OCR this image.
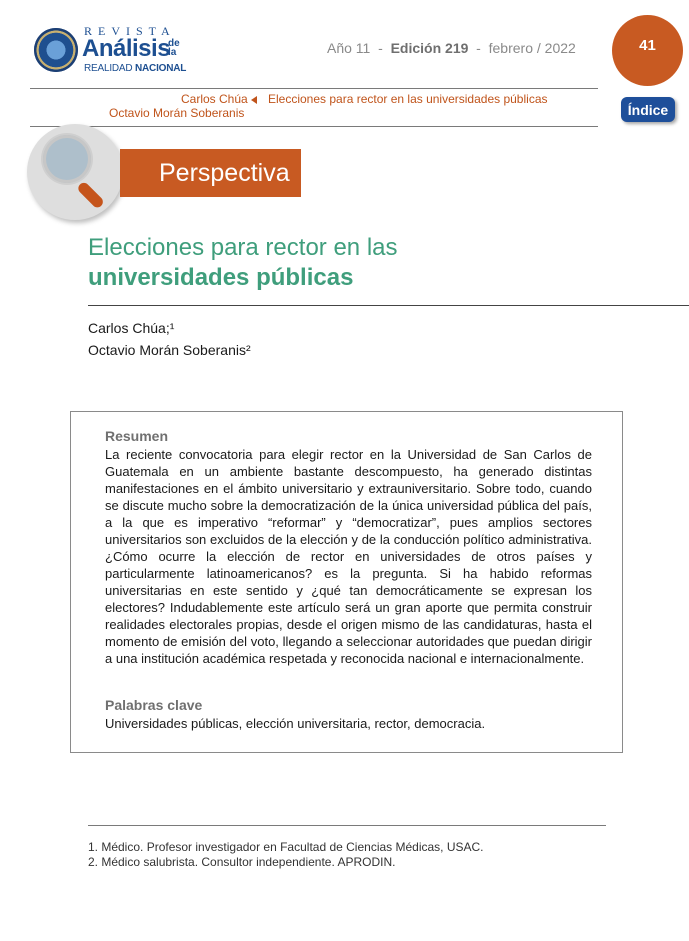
REVISTA
Análisis
de la
REALIDAD NACIONAL
Año 11 - Edición 219 - febrero / 2022	41
Carlos Chúa Elecciones para rector en las universidades públicas
Octavio Morán Soberanis	Índice
Perspectiva
Elecciones para rector en las
universidades públicas
Carlos Chúa;¹
Octavio Morán Soberanis²
Resumen

La reciente convocatoria para elegir rector en la Universidad de San Carlos de Guatemala en un ambiente bastante descompuesto, ha generado distintas manifestaciones en el ámbito universitario y extrauniversitario. Sobre todo, cuando se discute mucho sobre la democratización de la única universidad pública del país, a la que es imperativo “reformar” y “democratizar”, pues amplios sectores universitarios son excluidos de la elección y de la conducción político administrativa. ¿Cómo ocurre la elección de rector en universidades de otros países y particularmente latinoamericanos? es la pregunta. Si ha habido reformas universitarias en este sentido y ¿qué tan democráticamente se expresan los electores? Indudablemente este artículo será un gran aporte que permita construir realidades electorales propias, desde el origen mismo de las candidaturas, hasta el momento de emisión del voto, llegando a seleccionar autoridades que puedan dirigir a una institución académica respetada y reconocida nacional e internacionalmente.

Palabras clave
Universidades públicas, elección universitaria, rector, democracia.
1. Médico. Profesor investigador en Facultad de Ciencias Médicas, USAC.
2. Médico salubrista. Consultor independiente. APRODIN.
